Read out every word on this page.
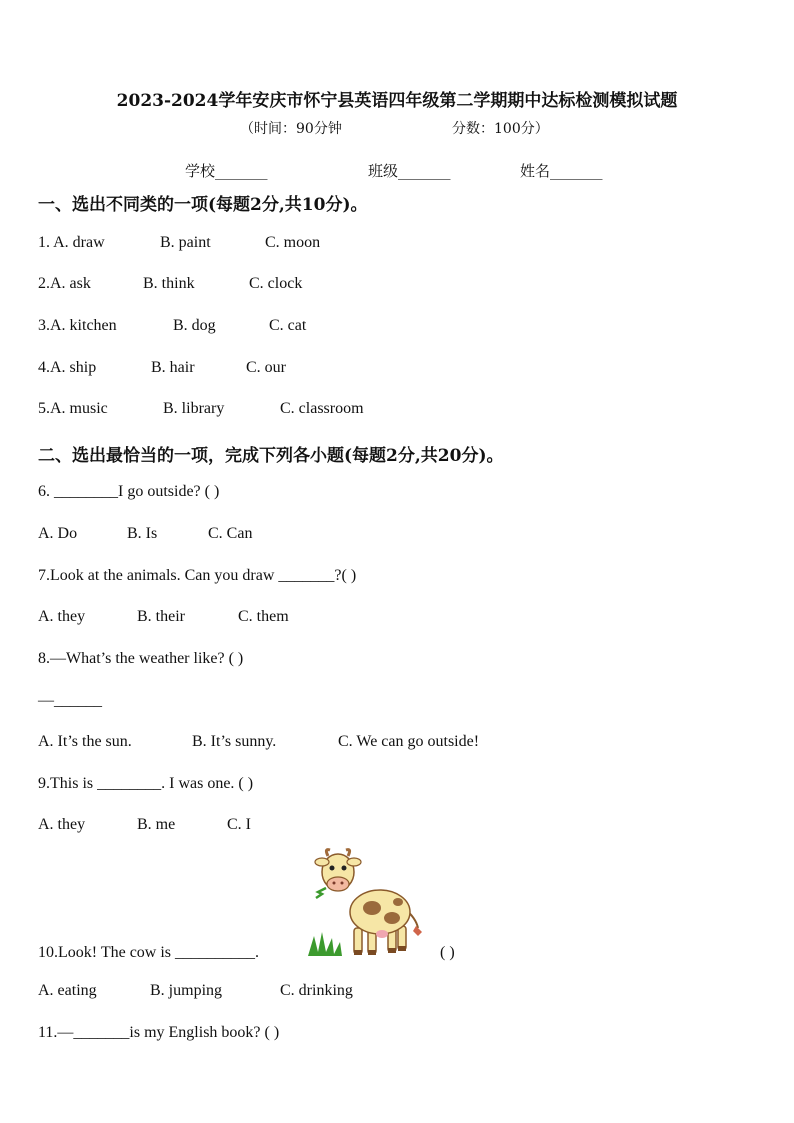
2023-2024学年安庆市怀宁县英语四年级第二学期期中达标检测模拟试题
（时间：90分钟	分数：100分）
学校_______	班级_______	姓名_______
一、选出不同类的一项(每题2分,共10分)。
1. A. draw	B. paint	C. moon
2.A. ask	B. think	C. clock
3.A. kitchen	B. dog	C. cat
4.A. ship	B. hair	C. our
5.A. music	B. library	C. classroom
二、选出最恰当的一项，完成下列各小题(每题2分,共20分)。
6. ________I go outside? ( )
A. Do	B. Is	C. Can
7.Look at the animals. Can you draw _______?( )
A. they	B. their	C. them
8.—What’s the weather like? ( )
—______
A. It’s the sun.	B. It’s sunny.	C. We can go outside!
9.This is ________. I was one. ( )
A. they	B. me	C. I
10.Look! The cow is __________.	( )
A. eating	B. jumping	C. drinking
11.—_______is my English book? ( )
